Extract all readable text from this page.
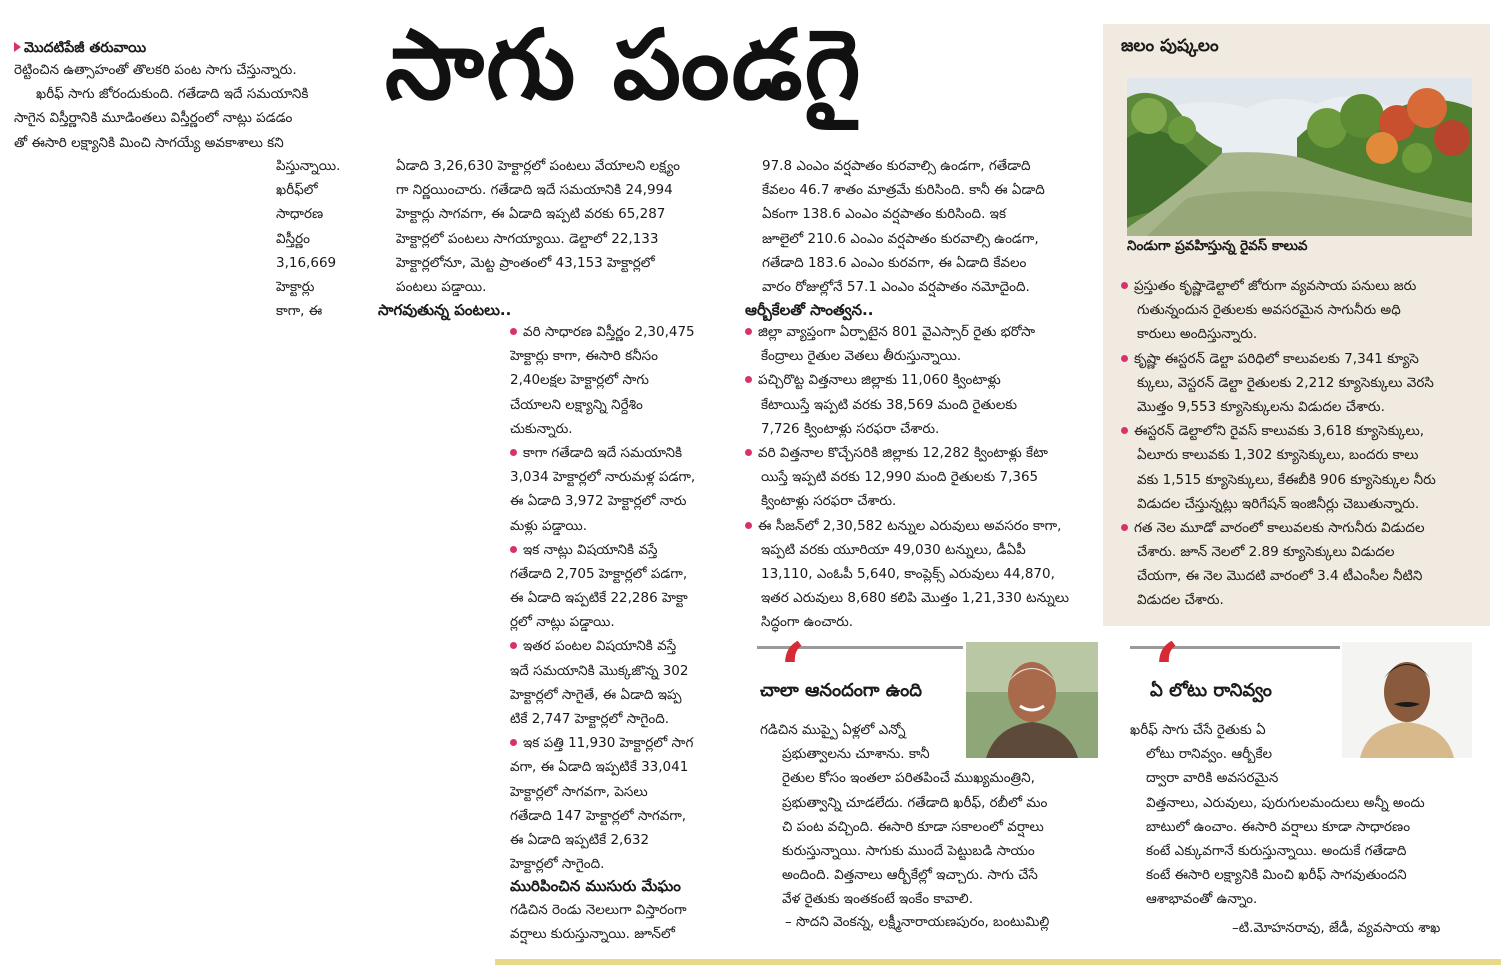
మొదటిపేజీ తరువాయి
రెట్టించిన ఉత్సాహంతో తొలకరి పంట సాగు చేస్తున్నారు.
ఖరీఫ్ సాగు జోరందుకుంది. గతేడాది ఇదే సమయానికి
సాగైన విస్తీర్ణానికి మూడింతలు విస్తీర్ణంలో నాట్లు పడడం
తో ఈసారి లక్ష్యానికి మించి సాగయ్యే అవకాశాలు కని
పిస్తున్నాయి.
ఖరీఫ్‌లో
సాధారణ
విస్తీర్ణం
3,16,669
హెక్టార్లు
కాగా, ఈ
సాగు పండగై
ఏడాది 3,26,630 హెక్టార్లలో పంటలు వేయాలని లక్ష్యం
గా నిర్ణయించారు. గతేడాది ఇదే సమయానికి 24,994
హెక్టార్లు సాగవగా, ఈ ఏడాది ఇప్పటి వరకు 65,287
హెక్టార్లలో పంటలు సాగయ్యాయి. డెల్టాలో 22,133
హెక్టార్లలోనూ, మెట్ట ప్రాంతంలో 43,153 హెక్టార్లలో
పంటలు పడ్డాయి.
సాగవుతున్న పంటలు..
వరి సాధారణ విస్తీర్ణం 2,30,475
హెక్టార్లు కాగా, ఈసారి కనీసం
2,40లక్షల హెక్టార్లలో సాగు
చేయాలని లక్ష్యాన్ని నిర్దేశిం
చుకున్నారు.
కాగా గతేడాది ఇదే సమయానికి
3,034 హెక్టార్లలో నారుమళ్ల పడగా,
ఈ ఏడాది 3,972 హెక్టార్లలో నారు
మళ్లు పడ్డాయి.
ఇక నాట్లు విషయానికి వస్తే
గతేడాది 2,705 హెక్టార్లలో పడగా,
ఈ ఏడాది ఇప్పటికే 22,286 హెక్టా
ర్లలో నాట్లు పడ్డాయి.
ఇతర పంటల విషయానికి వస్తే
ఇదే సమయానికి మొక్కజొన్న 302
హెక్టార్లలో సాగైతే, ఈ ఏడాది ఇప్ప
టికే 2,747 హెక్టార్లలో సాగైంది.
ఇక పత్తి 11,930 హెక్టార్లలో సాగ
వగా, ఈ ఏడాది ఇప్పటికే 33,041
హెక్టార్లలో సాగవగా, పెసలు
గతేడాది 147 హెక్టార్లలో సాగవగా,
ఈ ఏడాది ఇప్పటికే 2,632
హెక్టార్లలో సాగైంది.
మురిపించిన ముసురు మేఘం
గడిచిన రెండు నెలలుగా విస్తారంగా
వర్షాలు కురుస్తున్నాయి. జూన్‌లో
97.8 ఎంఎం వర్షపాతం కురవాల్సి ఉండగా, గతేడాది
కేవలం 46.7 శాతం మాత్రమే కురిసింది. కానీ ఈ ఏడాది
ఏకంగా 138.6 ఎంఎం వర్షపాతం కురిసింది. ఇక
జూలైలో 210.6 ఎంఎం వర్షపాతం కురవాల్సి ఉండగా,
గతేడాది 183.6 ఎంఎం కురవగా, ఈ ఏడాది కేవలం
వారం రోజుల్లోనే 57.1 ఎంఎం వర్షపాతం నమోదైంది.
ఆర్బీకేలతో సాంత్వన..
జిల్లా వ్యాప్తంగా ఏర్పాటైన 801 వైఎస్సార్ రైతు భరోసా
కేంద్రాలు రైతుల వెతలు తీరుస్తున్నాయి.
పచ్చిరొట్ట విత్తనాలు జిల్లాకు 11,060 క్వింటాళ్లు
కేటాయిస్తే ఇప్పటి వరకు 38,569 మంది రైతులకు
7,726 క్వింటాళ్లు సరఫరా చేశారు.
వరి విత్తనాల కొచ్చేసరికి జిల్లాకు 12,282 క్వింటాళ్లు కేటా
యిస్తే ఇప్పటి వరకు 12,990 మంది రైతులకు 7,365
క్వింటాళ్లు సరఫరా చేశారు.
ఈ సీజన్‌లో 2,30,582 టన్నుల ఎరువులు అవసరం కాగా,
ఇప్పటి వరకు యూరియా 49,030 టన్నులు, డీఏపీ
13,110, ఎంఓపీ 5,640, కాంప్లెక్స్ ఎరువులు 44,870,
ఇతర ఎరువులు 8,680 కలిపి మొత్తం 1,21,330 టన్నులు
సిద్ధంగా ఉంచారు.
జలం పుష్కలం
నిండుగా ప్రవహిస్తున్న రైవస్ కాలువ
ప్రస్తుతం కృష్ణాడెల్టాలో జోరుగా వ్యవసాయ పనులు జరు
గుతున్నందున రైతులకు అవసరమైన సాగునీరు అధి
కారులు అందిస్తున్నారు.
కృష్ణా ఈస్టరన్ డెల్టా పరిధిలో కాలువలకు 7,341 క్యూసె
క్కులు, వెస్టరన్ డెల్టా రైతులకు 2,212 క్యూసెక్కులు వెరసి
మొత్తం 9,553 క్యూసెక్కులను విడుదల చేశారు.
ఈస్టరన్ డెల్టాలోని రైవస్ కాలువకు 3,618 క్యూసెక్కులు,
ఏలూరు కాలువకు 1,302 క్యూసెక్కులు, బందరు కాలు
వకు 1,515 క్యూసెక్కులు, కేఈబీకి 906 క్యూసెక్కుల నీరు
విడుదల చేస్తున్నట్లు ఇరిగేషన్ ఇంజినీర్లు చెబుతున్నారు.
గత నెల మూడో వారంలో కాలువలకు సాగునీరు విడుదల
చేశారు. జూన్ నెలలో 2.89 క్యూసెక్కులు విడుదల
చేయగా, ఈ నెల మొదటి వారంలో 3.4 టీఎంసీల నీటిని
విడుదల చేశారు.
‘
చాలా ఆనందంగా ఉంది
గడిచిన ముప్పై ఏళ్లలో ఎన్నో
ప్రభుత్వాలను చూశాను. కానీ
రైతుల కోసం ఇంతలా పరితపించే ముఖ్యమంత్రిని,
ప్రభుత్వాన్ని చూడలేదు. గతేడాది ఖరీఫ్, రబీలో మం
చి పంట వచ్చింది. ఈసారి కూడా సకాలంలో వర్షాలు
కురుస్తున్నాయి. సాగుకు ముందే పెట్టుబడి సాయం
అందింది. విత్తనాలు ఆర్బీకేల్లో ఇచ్చారు. సాగు చేసే
వేళ రైతుకు ఇంతకంటే ఇంకేం కావాలి.
– సొదని వెంకన్న, లక్ష్మీనారాయణపురం, బంటుమిల్లి
‘
ఏ లోటు రానివ్వం
ఖరీఫ్ సాగు చేసే రైతుకు ఏ
లోటు రానివ్వం. ఆర్బీకేల
ద్వారా వారికి అవసరమైన
విత్తనాలు, ఎరువులు, పురుగులమందులు అన్నీ అందు
బాటులో ఉంచాం. ఈసారి వర్షాలు కూడా సాధారణం
కంటే ఎక్కువగానే కురుస్తున్నాయి. అందుకే గతేడాది
కంటే ఈసారి లక్ష్యానికి మించి ఖరీఫ్ సాగవుతుందని
ఆశాభావంతో ఉన్నాం.
–టి.మోహనరావు, జేడీ, వ్యవసాయ శాఖ
